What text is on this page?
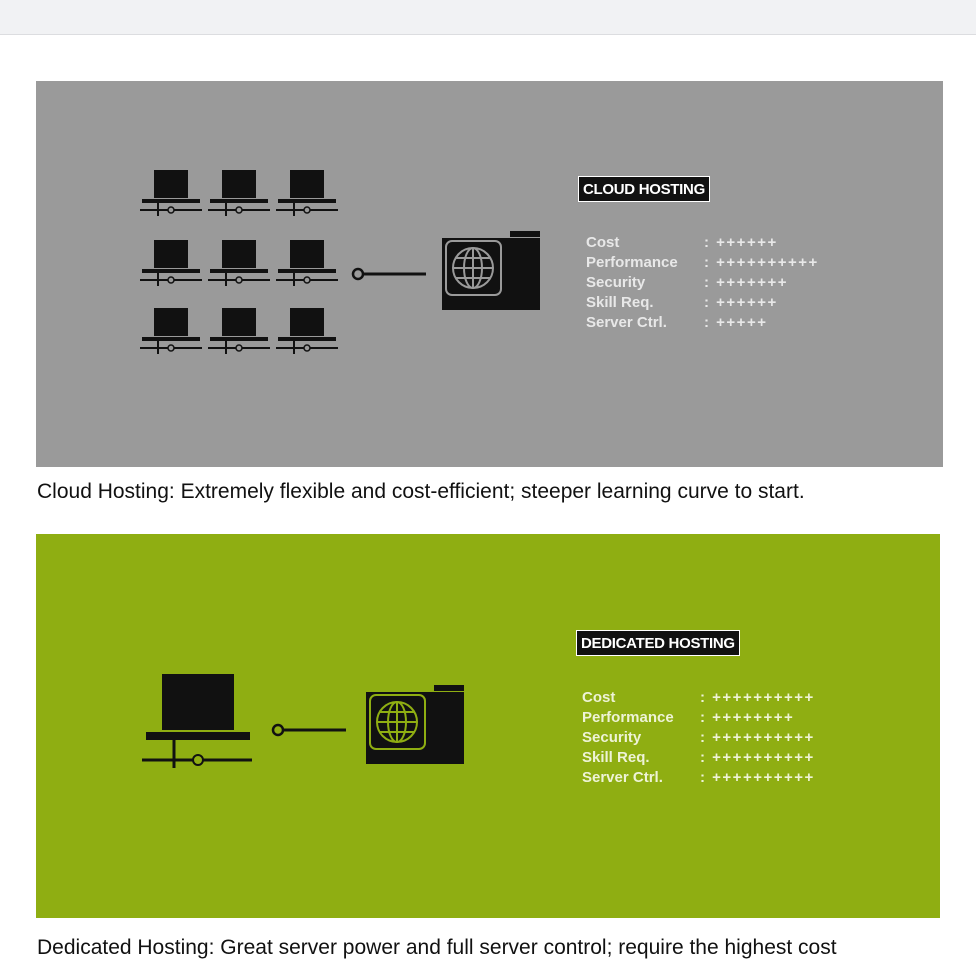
CLOUD HOSTING
Cost	: ++++++
Performance	: ++++++++++
Security	: +++++++
Skill Req.	: ++++++
Server Ctrl.	: +++++
Cloud Hosting: Extremely flexible and cost-efficient; steeper learning curve to start.
DEDICATED HOSTING
Cost	: ++++++++++
Performance	: ++++++++
Security	: ++++++++++
Skill Req.	: ++++++++++
Server Ctrl.	: ++++++++++
Dedicated Hosting: Great server power and full server control; require the highest cost
